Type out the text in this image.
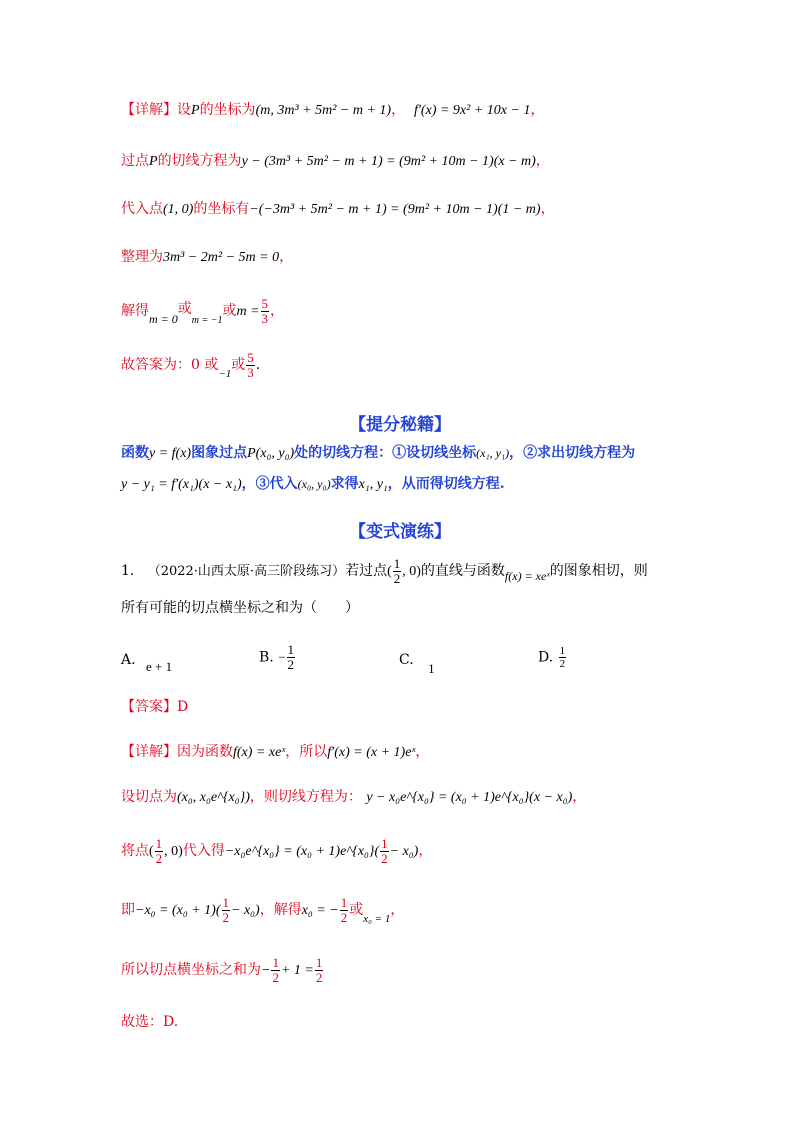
【详解】设P的坐标为(m, 3m³ + 5m² − m + 1)， f′(x) = 9x² + 10x − 1，
过点P的切线方程为y − (3m³ + 5m² − m + 1) = (9m² + 10m − 1)(x − m)，
代入点(1, 0)的坐标有−(−3m³ + 5m² − m + 1) = (9m² + 10m − 1)(1 − m)，
整理为3m³ − 2m² − 5m = 0，
解得m = 0或$_{m = -1}$或$m = \frac{5}{3}$ ，
故答案为：0 或$_{-1}$或 $\frac{5}{3}$ .
【提分秘籍】
函数y = f(x)图象过点P(x₀, y₀)处的切线方程：①设切线坐标(x₁, y₁)，②求出切线方程为
y − y₁ = f′(x₁)(x − x₁)，③代入(x₀, y₀)求得x₁, y₁，从而得切线方程.
【变式演练】
1. （2022·山西太原·高三阶段练习）若过点( $\frac{1}{2}$ , 0)的直线与函数f(x) = xeˣ的图象相切，则
所有可能的切点横坐标之和为（　　）
A. e + 1
B. − $\frac{1}{2}$	C. 1
D. $\frac{1}{2}$
【答案】D
【详解】因为函数f(x) = xeˣ，所以f′(x) = (x + 1)eˣ，
设切点为(x₀, x₀e^{x₀})，则切线方程为： y − x₀e^{x₀} = (x₀ + 1)e^{x₀}(x − x₀)，
将点( $\frac{1}{2}$ , 0)代入得−x₀e^{x₀} = (x₀ + 1)e^{x₀}( $\frac{1}{2} - x_0$)，
即$-x_0 = (x_0 + 1)( \frac{1}{2} - x_0)$，解得x₀ = − $\frac{1}{2}$ 或$_{x_0 = 1}$，
所以切点横坐标之和为− $\frac{1}{2} + 1 = \frac{1}{2}$
故选：D.
